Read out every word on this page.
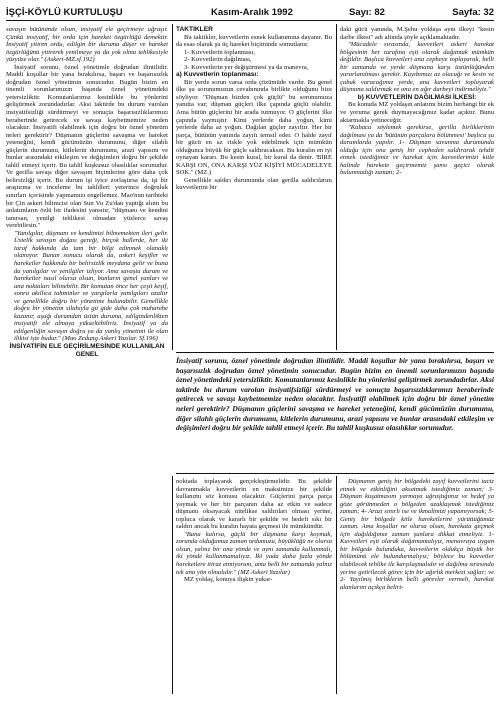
İŞÇİ-KÖYLÜ KURTULUŞU	Kasım-Aralık 1992	Sayı: 82	Sayfa: 32

savaşın bütününde olsun, insiyatif ele geçirmeye uğraşır. Çünkü insiyatif, bir orda için hareket özgürlüğü demektir. İnsiyatif yitiren ordu, edilgin bir duruma düşer ve hareket özgürlüğünü yitirerek yenilmeye ya da yok olma tehlikesiyle yüzyüze olur." (Askeri-MZ.sf.192)

İnsiyatif sorunu, öznel yönetimle doğrudan ilintilidir. Maddi koşullar bir yana bırakılırsa, başarı ve başarısızlık doğrudan öznel yönetimin sonucudur. Bugün bizim en önemli sorunlarımızın başında öznel yönetimdeki yetersizliktir. Komutanlarımız kesinlikle bu yönlerini geliştirmek zorundadırlar. Aksi taktirde bu durum varolan insiyatifsizliği sürdürmeyi ve sonuçta başarısızlıklarımızı beraberinde getirecek ve savaşı kaybetmemize neden olacaktır. İnsiyatifi olabilmek için doğru bir öznel yönetim neleri gerektirir? Düşmanın güçlerini savaşma ve hareket yeteneğini, kendi gücümüzün durumunu, diğer silahlı güçlerin durumunu, kitlelerin durumunu, arazi yapısını ve bunlar arasındaki etkileşim ve değişimleri doğru bir şekilde tahlil etmeyi içerir. Bu tahlil kuşkusuz olasılıklar sorunudur. Ve gerilla savaşı diğer savaşım biçimlerine göre daha çok belirsizliği içerir. Bu durum işi iyice zorlaştırsa da, işi bir araştırma ve inceleme bu tahlilleri yeterince doğruluk sınırları içerisinde yapmamızı engellemez. Mao'nun tarihteki bir Çin askeri bilimcisi olan Sun Vu Zu'dan yaptığı alıntı bu anlatımların özlü bir ifadesini yansıtır, "düşmanı ve kendini tanırsan, yenilgi tehlikesi olmadan yüzlerce savaş verebilirsin."

"Yanılgılar, düşmanı ve kendimizi bilmemekten ileri gelir. Üstelik savaşın doğası gereği, birçok hallerde, her iki taraf hakkında da tam bir bilgi edinmek olanaklı olamıyor. Bunun sonucu olarak da, askeri keşifler ve harekeiler hakkında bir belirsizlik meydana gelir ve buna da yanılgılar ve yenilgiler izliyor. Ama savaşta durum ve hareketler nasıl olursa olsun, bunların genel yanları ve ana noktaları bilinebilir. Bir komutan önce her çeşit keşif, sonra akıllıca tahminler ve yargılarla yanılgıları azaltır ve genellikle doğru bir yönetime bulunabilir. Genellikle doğru bir yönetim silahıyla gü gide daha çok muharebe kazanır, aşağı durumdan üstün duruma, edilgindenlikten insiyatifi ele almaya yükseltebiliriz. İnsiyatif ya da edilgenliğin savaşın doğru ya da yanlış yönetimi ile olan ilikisi işte budur." (Mao Zedung Askeri Yazılar. Sf.196)

İNSİYATİFİN ELE GEÇİRİLMESİNDE KULLANILAN GENEL

TAKTİKLER

Bu taktikler, kuvvetlerin esnek kullanımına dayanır. Bu da esas olarak şu üç hareket biçiminde somutlanır.

1- Kuvvetlerin toplanması,

2- Kuvvetlerin dağılması,

3- Kuvvetlerin yer değiştirmesi ya da manevra,

a) Kuvvetlerin toplanması:

Bir yerde sorun varsa orda çözümüde vardır. Bu genel ilke şu sorunumuzun cevabınında birlikte olduğunu bize söyliyor. "Düşman bizden çok güçlü" bu sorunumuza yanıtta var; düşman güçleri ilke çapında güçlü olabilir. Ama bütün güçlerini bir arada tutmuyor. O güçlerini ilke çapında yaymıştır. Kimi yerlerde daha yoğun, kimi yerlerde daha az yoğun. Dağılan güçler zayıftır. Her bir parça, bütünün yanında zayıfı temsil eder. O halde zayıf bir gücü en az riskle yok edebilmek için mümkün olduğunca büyük bir güçle saldıracaksın. Bu kuralın en iyi oynayan kararı. Bu kesin kural, bir kural da denir. 'BİRE KARŞI ON, ONA KARŞI YÜZ KİŞİYİ MÜCADELEYE SOK." (MZ.)

Genellikle saldırı durumunda olan gerilla saldırılarını kuvvetlerini bir

daki gücü yanında, M.Şehu yoldaşa aynı ilkeyi "kesin darbe ilkesi" adı altında şöyle açıklamaktadır.

"Mücadele sırasında, kuvvetleri askeri harekat bölgesinin her tarafına eşit olarak dağıtmak mümkün değildir. Başlıca kuvvetleri ana cepheye toplayarak, belli bir zamanda ve yerde düşmana karşı üstünlüğünden yararlanılması gerekir. Kayıbımızı az olacağı ve kesin ve çabuk varacağımız yerde, ana kuvvetleri toplayarak düşmana saldırmak ve ona en ağır darbeyi indirmeliyiz."

b) KUVVETLERİN DAĞILMASI İLKESİ:

Bu konuda MZ yoldaşın anlatımı bizim herhangi bir ek ve yoruma gerek duymayacağımız kadar açıktır. Bunu aktarmakla yetineceğiz.

"Kabaca söylemek gerekirse, gerilla birliklerinin dağılması ya da 'bütünün parçalara bölünmesi' başlıca şu durumlarda yapılır. 1- Düşman savunma durumunda olduğu için ona geniş bir cepheden saldırarak tehdit etmek istediğimiz ve harekat için kuvvetlerimizi kitle halinde harekete geçirmemiz şansı geçici olarak bulunmadığı zaman; 2-

İnsiyatif sorunu, öznel yönetimle doğrudan ilintilidir. Maddi koşullar bir yana bırakılırsa, başarı ve başarısızlık doğrudan öznel yönetimin sonucudur. Bugün bizim en önemli sorunlarımızın başında öznel yönetimdeki yetersizliktir. Komutanlarımız kesinlikle bu yönlerini geliştirmek zorundadırlar. Aksi taktirde bu durum varolan insiyatifsizliği sürdürmeyi ve sonuçta başarısızlıklarımızı beraberinde getirecek ve savaşı kaybetmemize neden olacaktır. İnsiyatifi olabilmek için doğru bir öznel yönetim neleri gerektirir? Düşmanın güçlerini savaşma ve hareket yeteneğini, kendi gücümüzün durumunu, diğer silahlı güçlerin durumunu, kitlelerin durumunu, arazi yapısını ve bunlar arasındaki etkileşim ve değişimleri doğru bir şekilde tahlil etmeyi içerir. Bu tahlil kuşkusuz olasılıklar sorunudur.

noktada toplayarak gerçekleştirmelidir. Bu şekilde davranmakla kuvvetlerin en maksimize bir şekilde kullanımı söz konusu olacaktır. Güçlerini parça parça yaymak ve her bir parçanın daha az etkin ve sadece düşmanı oksayacak nitelikse saldırıları olması yerine, topluca olarak ve kararlı bir şekilde ve hedefi sıkı bir saldırı ancak bu kuralın hayata geçmesi ile mümkündür.

"Bana kalırsa, güçlü bir düşmana karşı koymak, zorunda olduğumuz zaman ordumuzu, büyüklüğü ne olursa olsun, yalnız bir ana yönde ve aynı zamanda kullanmalı, iki yönde kullanmamalıyız. İki yada daha fazla yönde hareketlere itiraz etmiyorum, ama belli bir zamanda yalnız tek ana yön olmalıdır." (MZ Askeri Yazılar)

MZ yoldaş, konuya ilişkin yukar-

Düşmanın geniş bir bölgedeki zayıf kuvvetlerini taciz etmek ve etkinliğini aksatmak istediğimiz zaman; 3-Düşman kuşatmasını yarmaya uğraştığımız ve hedef ya göze görünmeden o bölgeden uzaklaşmak istediğimiz zaman; 4- Arazi sınırlı ise ve ikmalimizi yapamıyorsak; 5- Geniş bir bölgede kitle hareketlerini yürüttüğümüz zaman. Ama koşullar ne olursa olsun, harekata geçmek için dağıldığımız zaman şunlara dikkat etmeliyiz. 1-Kuvvetleri eşit olarak dağıtmamalıyız, menavraya uygun bir bölgede bulunduka, kuvvetlerin oldukça büyük bir bölümünü ele bulundurmalıyız; böylece bu kuvvetler olabilecek tehlike ile karşılaşmalıdır ve dağılma sırasında yerine getirilecek görev için bir ağırlık merkezi sağlar; ve 2- Yayılmış birliklerin belli görevler vermeli, harekat alanlarını açıkça belirt-
